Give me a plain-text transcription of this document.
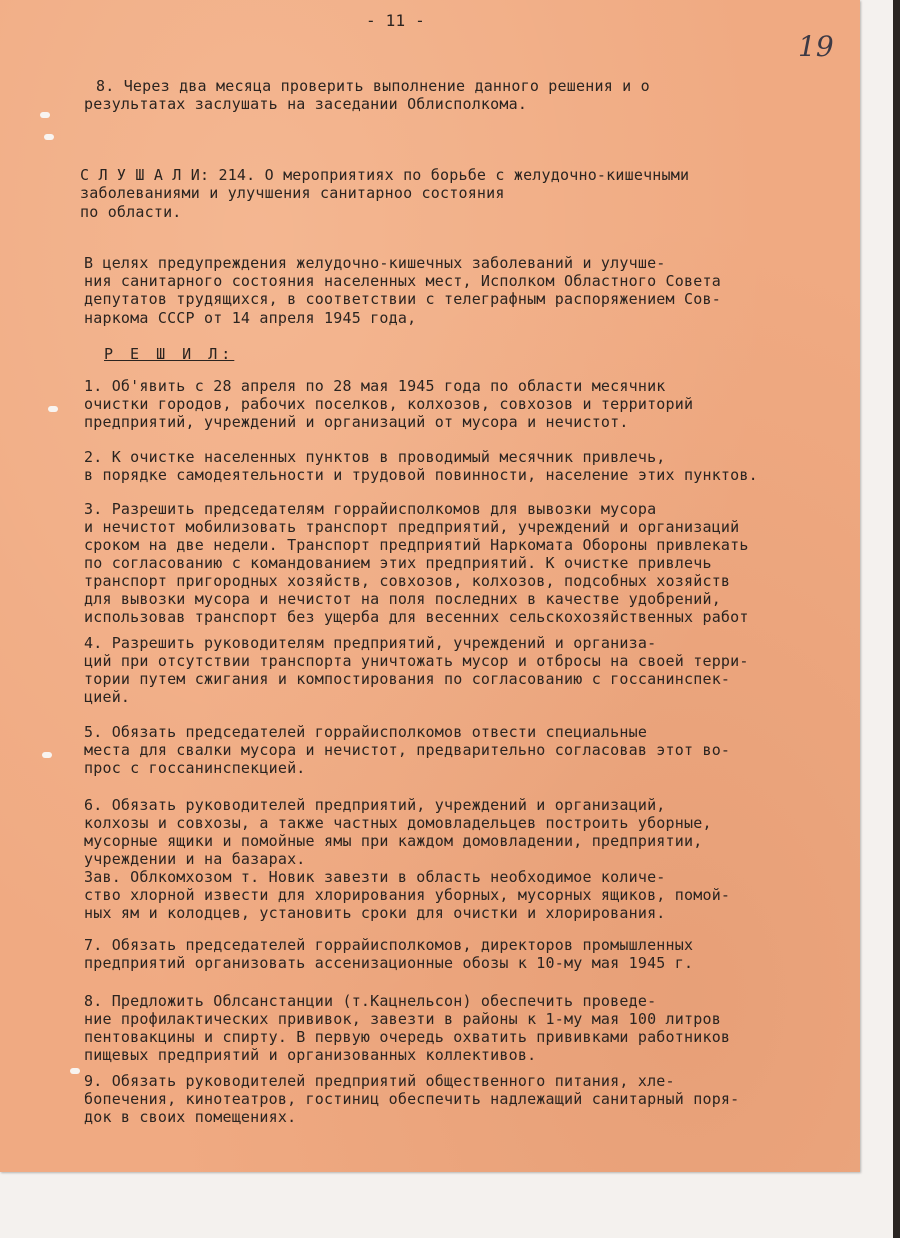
- 11 -
19
8. Через два месяца проверить выполнение данного решения и о
результатах заслушать на заседании Облисполкома.
С Л У Ш А Л И: 214. О мероприятиях по борьбе с желудочно-кишечными
заболеваниями и улучшения санитарноо состояния
по области.
В целях предупреждения желудочно-кишечных заболеваний и улучше-
ния санитарного состояния населенных мест, Исполком Областного Совета
депутатов трудящихся, в соответствии с телеграфным распоряжением Сов-
наркома СССР от 14 апреля 1945 года,
Р Е Ш И Л:
1. Об'явить с 28 апреля по 28 мая 1945 года по области месячник
очистки городов, рабочих поселков, колхозов, совхозов и территорий
предприятий, учреждений и организаций от мусора и нечистот.
2. К очистке населенных пунктов в проводимый месячник привлечь,
в порядке самодеятельности и трудовой повинности, население этих пунктов.
3. Разрешить председателям горрайисполкомов для вывозки мусора
и нечистот мобилизовать транспорт предприятий, учреждений и организаций
сроком на две недели. Транспорт предприятий Наркомата Обороны привлекать
по согласованию с командованием этих предприятий. К очистке привлечь
транспорт пригородных хозяйств, совхозов, колхозов, подсобных хозяйств
для вывозки мусора и нечистот на поля последних в качестве удобрений,
использовав транспорт без ущерба для весенних сельскохозяйственных работ
4. Разрешить руководителям предприятий, учреждений и организа-
ций при отсутствии транспорта уничтожать мусор и отбросы на своей терри-
тории путем сжигания и компостирования по согласованию с госсанинспек-
цией.
5. Обязать председателей горрайисполкомов отвести специальные
места для свалки мусора и нечистот, предварительно согласовав этот во-
прос с госсанинспекцией.
6. Обязать руководителей предприятий, учреждений и организаций,
колхозы и совхозы, а также частных домовладельцев построить уборные,
мусорные ящики и помойные ямы при каждом домовладении, предприятии,
учреждении и на базарах.
Зав. Облкомхозом т. Новик завезти в область необходимое количе-
ство хлорной извести для хлорирования уборных, мусорных ящиков, помой-
ных ям и колодцев, установить сроки для очистки и хлорирования.
7. Обязать председателей горрайисполкомов, директоров промышленных
предприятий организовать ассенизационные обозы к 10-му мая 1945 г.
8. Предложить Облсанстанции (т.Кацнельсон) обеспечить проведе-
ние профилактических прививок, завезти в районы к 1-му мая 100 литров
пентовакцины и спирту. В первую очередь охватить прививками работников
пищевых предприятий и организованных коллективов.
9. Обязать руководителей предприятий общественного питания, хле-
бопечения, кинотеатров, гостиниц обеспечить надлежащий санитарный поря-
док в своих помещениях.
